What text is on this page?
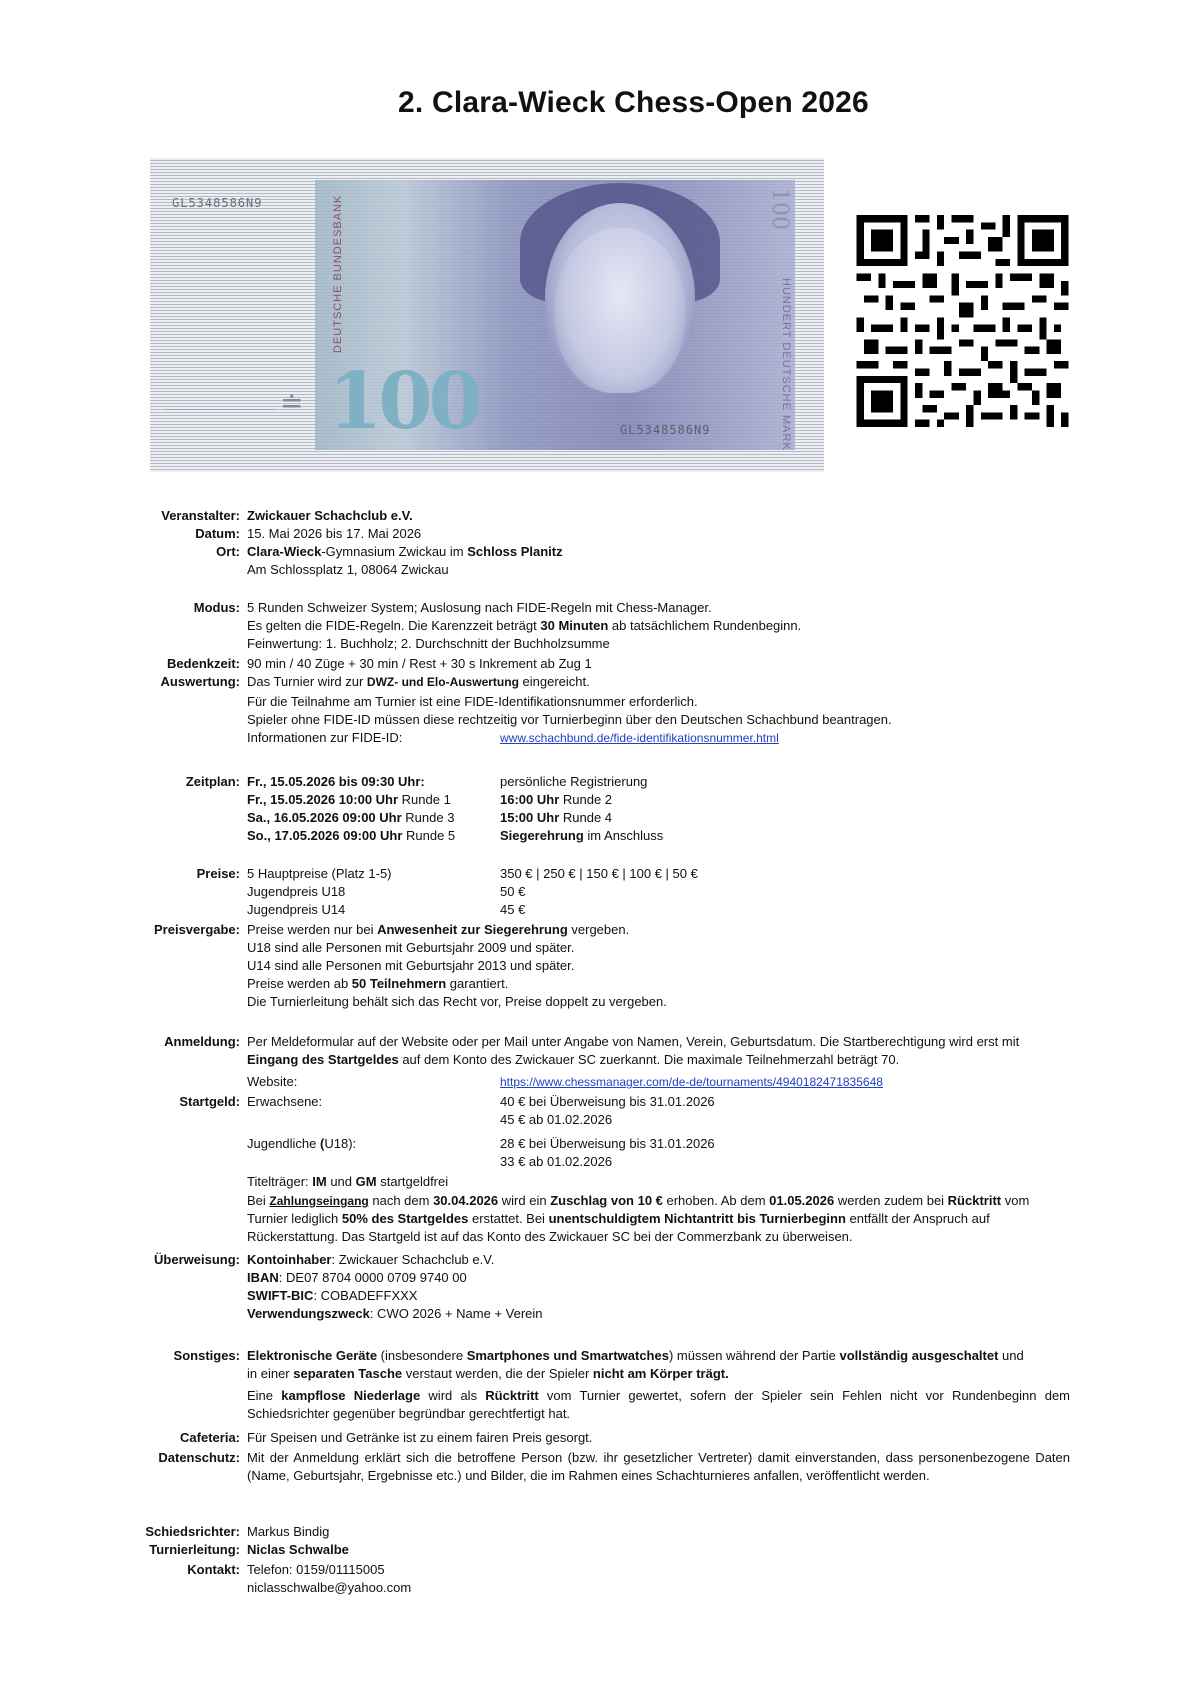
2. Clara-Wieck Chess-Open 2026
GL5348586N9
GL5348586N9
100
100
DEUTSCHE BUNDESBANK
HUNDERT DEUTSCHE MARK
≐
Veranstalter: Zwickauer Schachclub e.V.
Datum: 15. Mai 2026 bis 17. Mai 2026
Ort: Clara-Wieck-Gymnasium Zwickau im Schloss Planitz
Am Schlossplatz 1, 08064 Zwickau
Modus: 5 Runden Schweizer System; Auslosung nach FIDE-Regeln mit Chess-Manager.
Es gelten die FIDE-Regeln. Die Karenzzeit beträgt 30 Minuten ab tatsächlichem Rundenbeginn.
Feinwertung: 1. Buchholz; 2. Durchschnitt der Buchholzsumme
Bedenkzeit: 90 min / 40 Züge + 30 min / Rest + 30 s Inkrement ab Zug 1
Auswertung: Das Turnier wird zur DWZ- und Elo-Auswertung eingereicht.
Für die Teilnahme am Turnier ist eine FIDE-Identifikationsnummer erforderlich.
Spieler ohne FIDE-ID müssen diese rechtzeitig vor Turnierbeginn über den Deutschen Schachbund beantragen.
Informationen zur FIDE-ID:	www.schachbund.de/fide-identifikationsnummer.html
Zeitplan: Fr., 15.05.2026 bis 09:30 Uhr:	persönliche Registrierung
Fr., 15.05.2026 10:00 Uhr Runde 1	16:00 Uhr Runde 2
Sa., 16.05.2026 09:00 Uhr Runde 3	15:00 Uhr Runde 4
So., 17.05.2026 09:00 Uhr Runde 5	Siegerehrung im Anschluss
Preise: 5 Hauptpreise (Platz 1-5)	350 € | 250 € | 150 € | 100 € | 50 €
Jugendpreis U18	50 €
Jugendpreis U14	45 €
Preisvergabe: Preise werden nur bei Anwesenheit zur Siegerehrung vergeben.
U18 sind alle Personen mit Geburtsjahr 2009 und später.
U14 sind alle Personen mit Geburtsjahr 2013 und später.
Preise werden ab 50 Teilnehmern garantiert.
Die Turnierleitung behält sich das Recht vor, Preise doppelt zu vergeben.
Anmeldung: Per Meldeformular auf der Website oder per Mail unter Angabe von Namen, Verein, Geburtsdatum. Die Startberechtigung wird erst mit Eingang des Startgeldes auf dem Konto des Zwickauer SC zuerkannt. Die maximale Teilnehmerzahl beträgt 70.
Website:	https://www.chessmanager.com/de-de/tournaments/4940182471835648
Startgeld: Erwachsene:	40 € bei Überweisung bis 31.01.2026
45 € ab 01.02.2026
Jugendliche (U18):	28 € bei Überweisung bis 31.01.2026
33 € ab 01.02.2026
Titelträger: IM und GM startgeldfrei
Bei Zahlungseingang nach dem 30.04.2026 wird ein Zuschlag von 10 € erhoben. Ab dem 01.05.2026 werden zudem bei Rücktritt vom Turnier lediglich 50% des Startgeldes erstattet. Bei unentschuldigtem Nichtantritt bis Turnierbeginn entfällt der Anspruch auf Rückerstattung. Das Startgeld ist auf das Konto des Zwickauer SC bei der Commerzbank zu überweisen.
Überweisung: Kontoinhaber: Zwickauer Schachclub e.V.
IBAN: DE07 8704 0000 0709 9740 00
SWIFT-BIC: COBADEFFXXX
Verwendungszweck: CWO 2026 + Name + Verein
Sonstiges: Elektronische Geräte (insbesondere Smartphones und Smartwatches) müssen während der Partie vollständig ausgeschaltet und in einer separaten Tasche verstaut werden, die der Spieler nicht am Körper trägt.
Eine kampflose Niederlage wird als Rücktritt vom Turnier gewertet, sofern der Spieler sein Fehlen nicht vor Rundenbeginn dem Schiedsrichter gegenüber begründbar gerechtfertigt hat.
Cafeteria: Für Speisen und Getränke ist zu einem fairen Preis gesorgt.
Datenschutz: Mit der Anmeldung erklärt sich die betroffene Person (bzw. ihr gesetzlicher Vertreter) damit einverstanden, dass personenbezogene Daten (Name, Geburtsjahr, Ergebnisse etc.) und Bilder, die im Rahmen eines Schachturnieres anfallen, veröffentlicht werden.
Schiedsrichter: Markus Bindig
Turnierleitung: Niclas Schwalbe
Kontakt: Telefon: 0159/01115005
niclasschwalbe@yahoo.com
